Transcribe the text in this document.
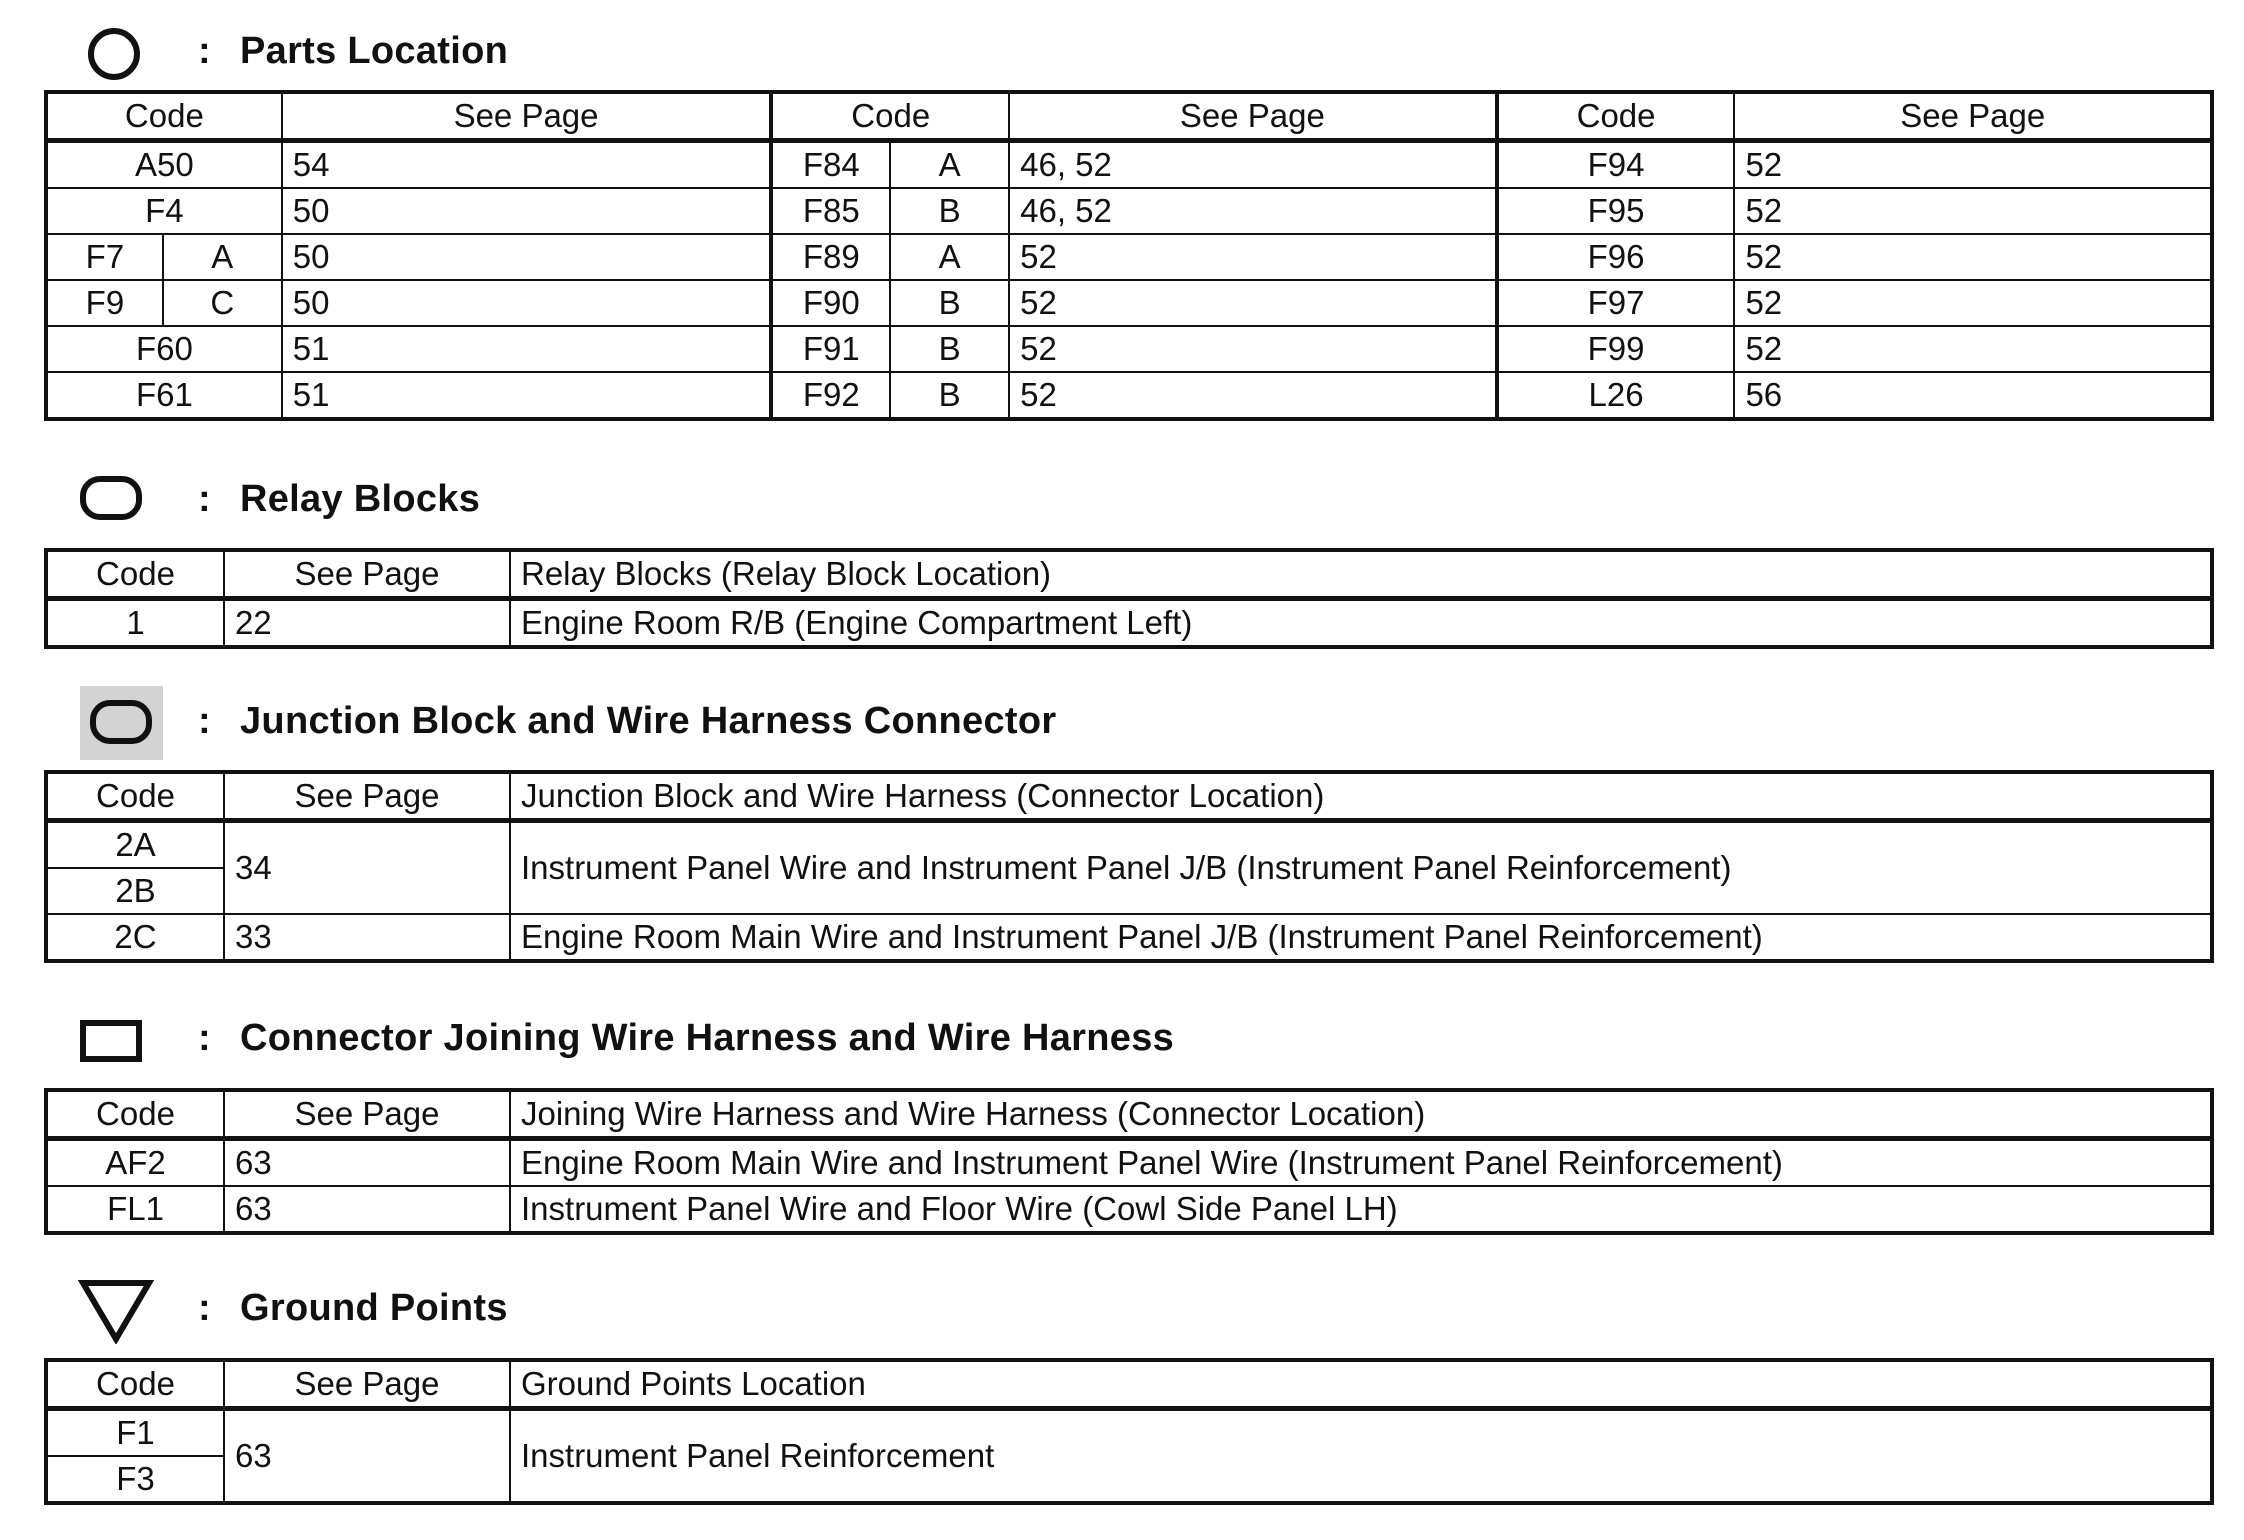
: Parts Location
Code		See Page	Code		See Page	Code	See Page
A50		54	F84	A	46, 52	F94	52
F4		50	F85	B	46, 52	F95	52
F7	A	50	F89	A	52	F96	52
F9	C	50	F90	B	52	F97	52
F60		51	F91	B	52	F99	52
F61		51	F92	B	52	L26	56
: Relay Blocks
Code	See Page	Relay Blocks (Relay Block Location)
1	22	Engine Room R/B (Engine Compartment Left)
: Junction Block and Wire Harness Connector
Code	See Page	Junction Block and Wire Harness (Connector Location)
2A	34	Instrument Panel Wire and Instrument Panel J/B (Instrument Panel Reinforcement)
2B		
2C	33	Engine Room Main Wire and Instrument Panel J/B (Instrument Panel Reinforcement)
: Connector Joining Wire Harness and Wire Harness
Code	See Page	Joining Wire Harness and Wire Harness (Connector Location)
AF2	63	Engine Room Main Wire and Instrument Panel Wire (Instrument Panel Reinforcement)
FL1	63	Instrument Panel Wire and Floor Wire (Cowl Side Panel LH)
: Ground Points
Code	See Page	Ground Points Location
F1	63	Instrument Panel Reinforcement
F3		
